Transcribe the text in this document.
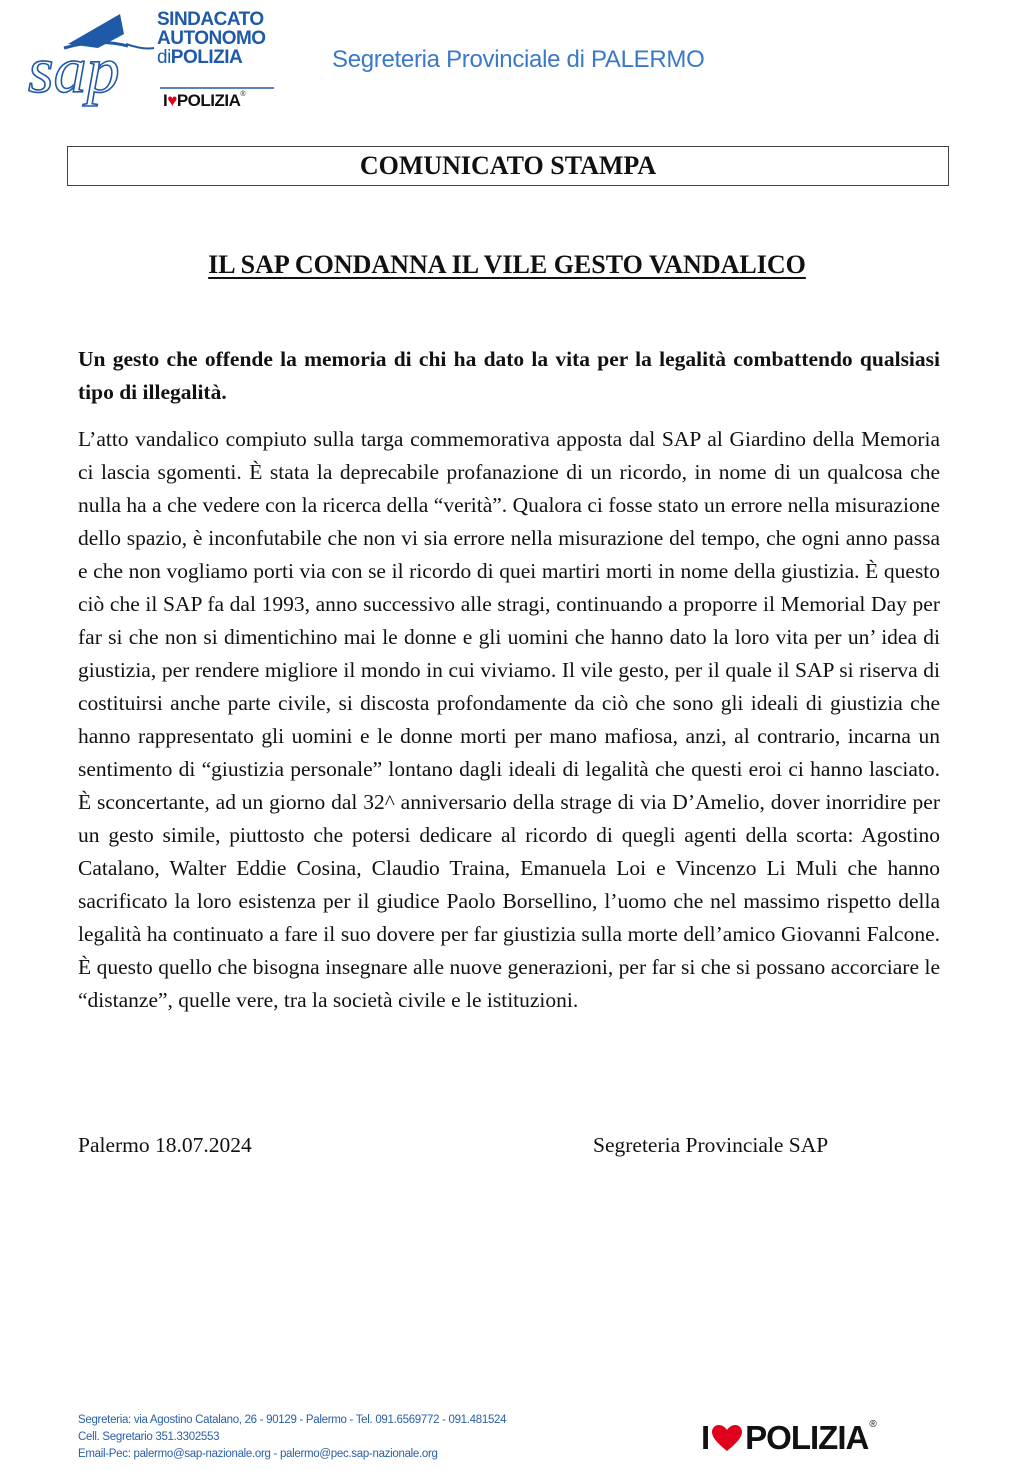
sap
SINDACATO
AUTONOMO
diPOLIZIA
I♥POLIZIA®
Segreteria Provinciale di PALERMO
COMUNICATO STAMPA
IL SAP CONDANNA IL VILE GESTO VANDALICO
Un gesto che offende la memoria di chi ha dato la vita per la legalità combattendo qualsiasi tipo di illegalità.
L’atto vandalico compiuto sulla targa commemorativa apposta dal SAP al Giardino della Memoria ci lascia sgomenti. È stata la deprecabile profanazione di un ricordo, in nome di un qualcosa che nulla ha a che vedere con la ricerca della “verità”. Qualora ci fosse stato un errore nella misurazione dello spazio, è inconfutabile che non vi sia errore nella misurazione del tempo, che ogni anno passa e che non vogliamo porti via con se il ricordo di quei martiri morti in nome della giustizia. È questo ciò che il SAP fa dal 1993, anno successivo alle stragi, continuando a proporre il Memorial Day per far si che non si dimentichino mai le donne e gli uomini che hanno dato la loro vita per un’ idea di giustizia, per rendere migliore il mondo in cui viviamo. Il vile gesto, per il quale il SAP si riserva di costituirsi anche parte civile, si discosta profondamente da ciò che sono gli ideali di giustizia che hanno rappresentato gli uomini e le donne morti per mano mafiosa, anzi, al contrario, incarna un sentimento di “giustizia personale” lontano dagli ideali di legalità che questi eroi ci hanno lasciato. È sconcertante, ad un giorno dal 32^ anniversario della strage di via D’Amelio, dover inorridire per un gesto simile, piuttosto che potersi dedicare al ricordo di quegli agenti della scorta: Agostino Catalano, Walter Eddie Cosina, Claudio Traina, Emanuela Loi e Vincenzo Li Muli che hanno sacrificato la loro esistenza per il giudice Paolo Borsellino, l’uomo che nel massimo rispetto della legalità ha continuato a fare il suo dovere per far giustizia sulla morte dell’amico Giovanni Falcone. È questo quello che bisogna insegnare alle nuove generazioni, per far si che si possano accorciare le “distanze”, quelle vere, tra la società civile e le istituzioni.
Palermo 18.07.2024	Segreteria Provinciale SAP
Segreteria: via Agostino Catalano, 26 - 90129 - Palermo - Tel. 091.6569772 - 091.481524
Cell. Segretario 351.3302553
Email-Pec: palermo@sap-nazionale.org - palermo@pec.sap-nazionale.org	I POLIZIA ®
